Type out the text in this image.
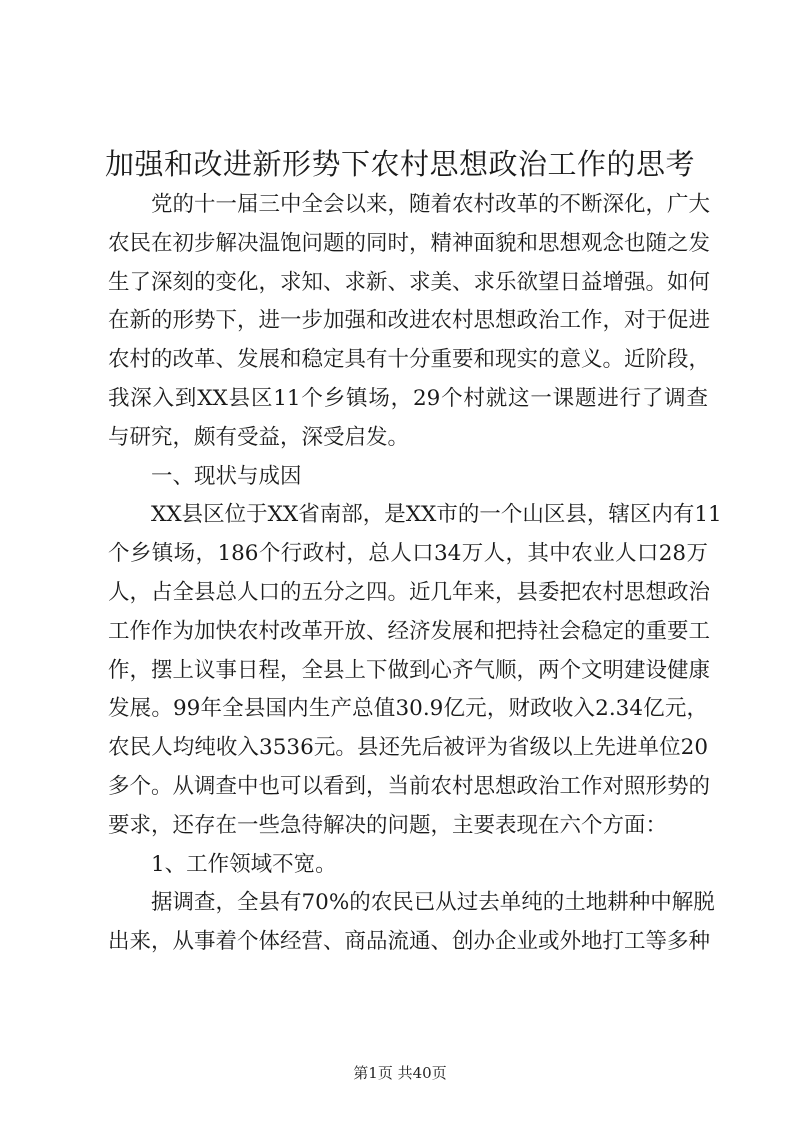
加强和改进新形势下农村思想政治工作的思考
党的十一届三中全会以来，随着农村改革的不断深化，广大
农民在初步解决温饱问题的同时，精神面貌和思想观念也随之发
生了深刻的变化，求知、求新、求美、求乐欲望日益增强。如何
在新的形势下，进一步加强和改进农村思想政治工作，对于促进
农村的改革、发展和稳定具有十分重要和现实的意义。近阶段，
我深入到XX县区11个乡镇场，29个村就这一课题进行了调查
与研究，颇有受益，深受启发。
一、现状与成因
XX县区位于XX省南部，是XX市的一个山区县，辖区内有11
个乡镇场，186个行政村，总人口34万人，其中农业人口28万
人，占全县总人口的五分之四。近几年来，县委把农村思想政治
工作作为加快农村改革开放、经济发展和把持社会稳定的重要工
作，摆上议事日程，全县上下做到心齐气顺，两个文明建设健康
发展。99年全县国内生产总值30.9亿元，财政收入2.34亿元，
农民人均纯收入3536元。县还先后被评为省级以上先进单位20
多个。从调查中也可以看到，当前农村思想政治工作对照形势的
要求，还存在一些急待解决的问题，主要表现在六个方面：
1、工作领域不宽。
据调查，全县有70%的农民已从过去单纯的土地耕种中解脱
出来，从事着个体经营、商品流通、创办企业或外地打工等多种
第1页 共40页
